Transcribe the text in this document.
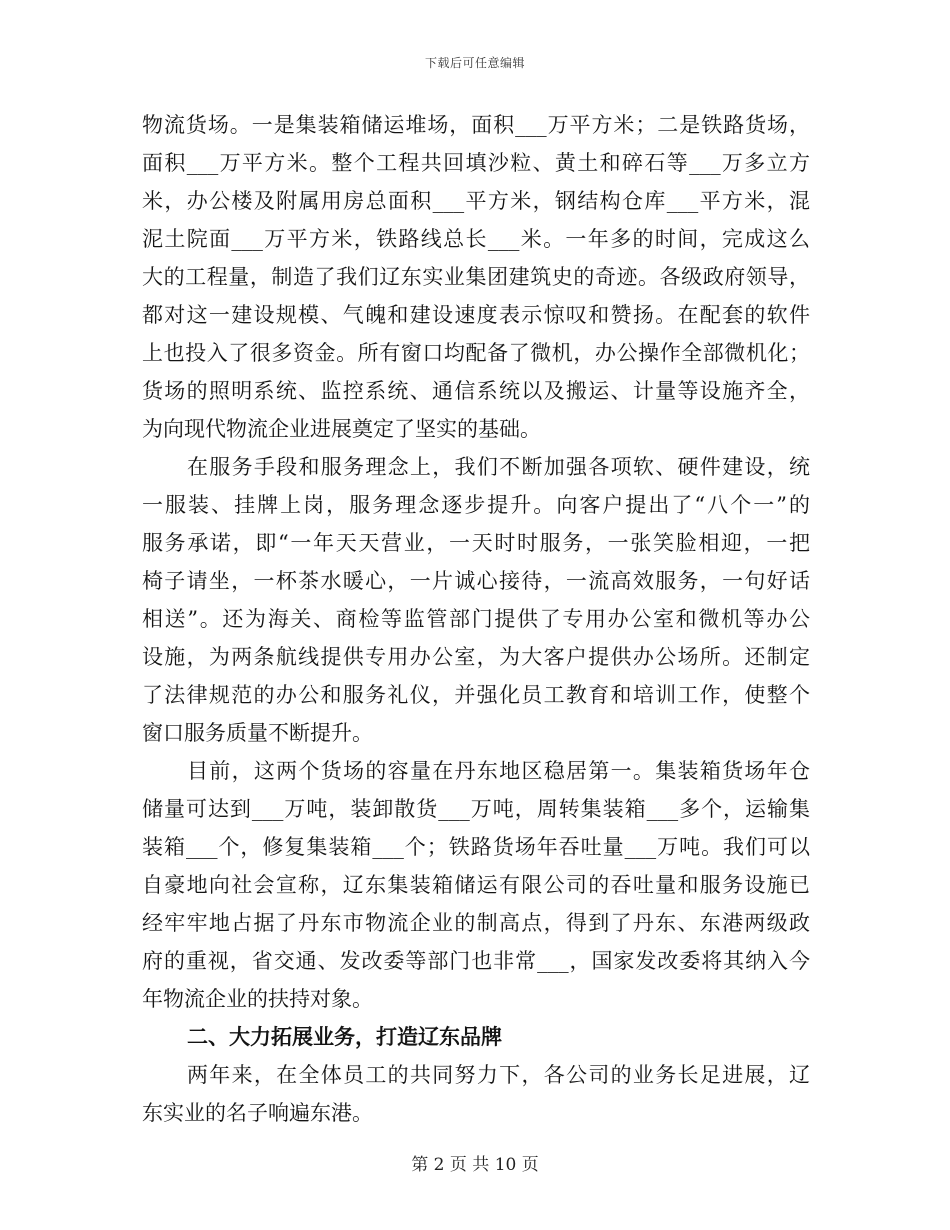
下载后可任意编辑
物流货场。一是集装箱储运堆场，面积___万平方米；二是铁路货场，
面积___万平方米。整个工程共回填沙粒、黄土和碎石等___万多立方
米，办公楼及附属用房总面积___平方米，钢结构仓库___平方米，混
泥土院面___万平方米，铁路线总长___米。一年多的时间，完成这么
大的工程量，制造了我们辽东实业集团建筑史的奇迹。各级政府领导，
都对这一建设规模、气魄和建设速度表示惊叹和赞扬。在配套的软件
上也投入了很多资金。所有窗口均配备了微机，办公操作全部微机化；
货场的照明系统、监控系统、通信系统以及搬运、计量等设施齐全，
为向现代物流企业进展奠定了坚实的基础。
在服务手段和服务理念上，我们不断加强各项软、硬件建设，统
一服装、挂牌上岗，服务理念逐步提升。向客户提出了“八个一”的
服务承诺，即“一年天天营业，一天时时服务，一张笑脸相迎，一把
椅子请坐，一杯茶水暖心，一片诚心接待，一流高效服务，一句好话
相送”。还为海关、商检等监管部门提供了专用办公室和微机等办公
设施，为两条航线提供专用办公室，为大客户提供办公场所。还制定
了法律规范的办公和服务礼仪，并强化员工教育和培训工作，使整个
窗口服务质量不断提升。
目前，这两个货场的容量在丹东地区稳居第一。集装箱货场年仓
储量可达到___万吨，装卸散货___万吨，周转集装箱___多个，运输集
装箱___个，修复集装箱___个；铁路货场年吞吐量___万吨。我们可以
自豪地向社会宣称，辽东集装箱储运有限公司的吞吐量和服务设施已
经牢牢地占据了丹东市物流企业的制高点，得到了丹东、东港两级政
府的重视，省交通、发改委等部门也非常___，国家发改委将其纳入今
年物流企业的扶持对象。
二、大力拓展业务，打造辽东品牌
两年来，在全体员工的共同努力下，各公司的业务长足进展，辽
东实业的名子响遍东港。
第 2 页 共 10 页
